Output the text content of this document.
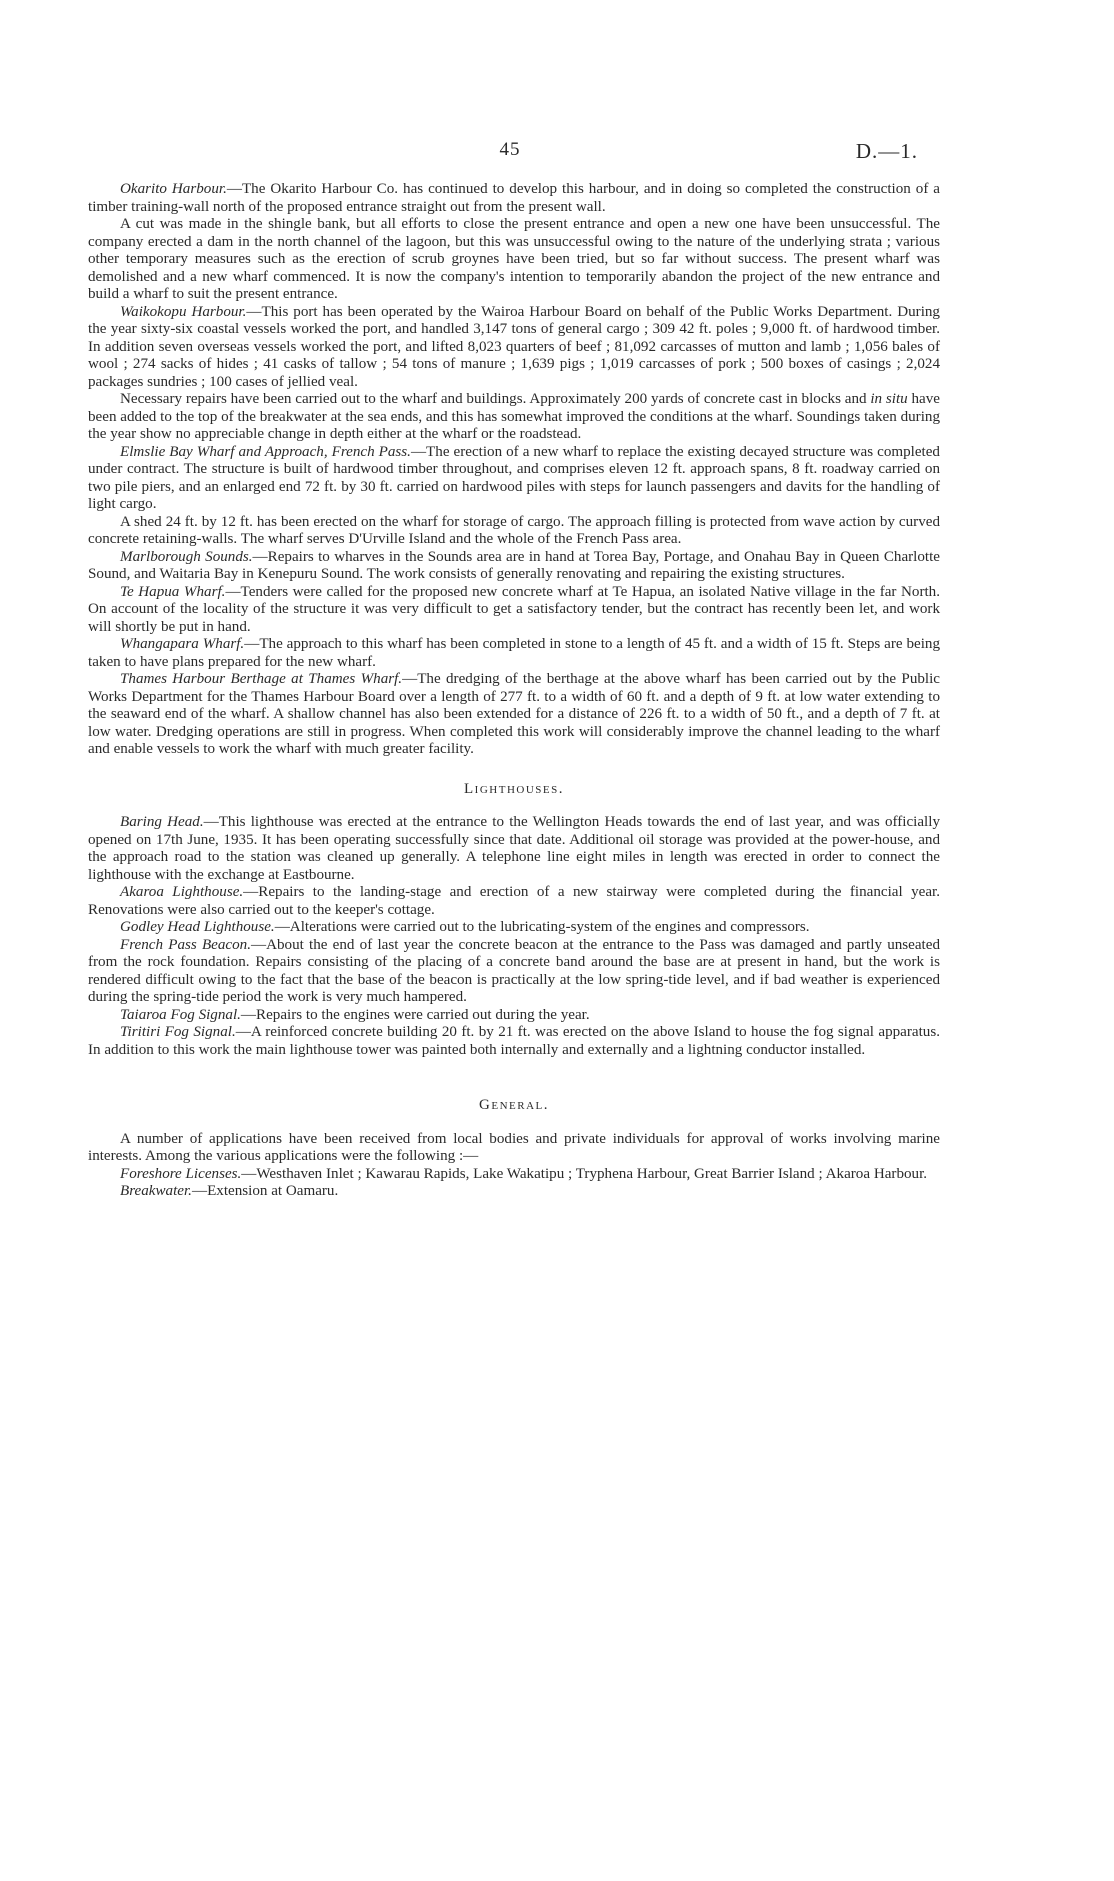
45	D.—1.

Okarito Harbour.—The Okarito Harbour Co. has continued to develop this harbour, and in doing so completed the construction of a timber training-wall north of the proposed entrance straight out from the present wall.

A cut was made in the shingle bank, but all efforts to close the present entrance and open a new one have been unsuccessful. The company erected a dam in the north channel of the lagoon, but this was unsuccessful owing to the nature of the underlying strata ; various other temporary measures such as the erection of scrub groynes have been tried, but so far without success. The present wharf was demolished and a new wharf commenced. It is now the company's intention to temporarily abandon the project of the new entrance and build a wharf to suit the present entrance.

Waikokopu Harbour.—This port has been operated by the Wairoa Harbour Board on behalf of the Public Works Department. During the year sixty-six coastal vessels worked the port, and handled 3,147 tons of general cargo ; 309 42 ft. poles ; 9,000 ft. of hardwood timber. In addition seven overseas vessels worked the port, and lifted 8,023 quarters of beef ; 81,092 carcasses of mutton and lamb ; 1,056 bales of wool ; 274 sacks of hides ; 41 casks of tallow ; 54 tons of manure ; 1,639 pigs ; 1,019 carcasses of pork ; 500 boxes of casings ; 2,024 packages sundries ; 100 cases of jellied veal.

Necessary repairs have been carried out to the wharf and buildings. Approximately 200 yards of concrete cast in blocks and in situ have been added to the top of the breakwater at the sea ends, and this has somewhat improved the conditions at the wharf. Soundings taken during the year show no appreciable change in depth either at the wharf or the roadstead.

Elmslie Bay Wharf and Approach, French Pass.—The erection of a new wharf to replace the existing decayed structure was completed under contract. The structure is built of hardwood timber throughout, and comprises eleven 12 ft. approach spans, 8 ft. roadway carried on two pile piers, and an enlarged end 72 ft. by 30 ft. carried on hardwood piles with steps for launch passengers and davits for the handling of light cargo.

A shed 24 ft. by 12 ft. has been erected on the wharf for storage of cargo. The approach filling is protected from wave action by curved concrete retaining-walls. The wharf serves D'Urville Island and the whole of the French Pass area.

Marlborough Sounds.—Repairs to wharves in the Sounds area are in hand at Torea Bay, Portage, and Onahau Bay in Queen Charlotte Sound, and Waitaria Bay in Kenepuru Sound. The work consists of generally renovating and repairing the existing structures.

Te Hapua Wharf.—Tenders were called for the proposed new concrete wharf at Te Hapua, an isolated Native village in the far North. On account of the locality of the structure it was very difficult to get a satisfactory tender, but the contract has recently been let, and work will shortly be put in hand.

Whangapara Wharf.—The approach to this wharf has been completed in stone to a length of 45 ft. and a width of 15 ft. Steps are being taken to have plans prepared for the new wharf.

Thames Harbour Berthage at Thames Wharf.—The dredging of the berthage at the above wharf has been carried out by the Public Works Department for the Thames Harbour Board over a length of 277 ft. to a width of 60 ft. and a depth of 9 ft. at low water extending to the seaward end of the wharf. A shallow channel has also been extended for a distance of 226 ft. to a width of 50 ft., and a depth of 7 ft. at low water. Dredging operations are still in progress. When completed this work will considerably improve the channel leading to the wharf and enable vessels to work the wharf with much greater facility.

Lighthouses.

Baring Head.—This lighthouse was erected at the entrance to the Wellington Heads towards the end of last year, and was officially opened on 17th June, 1935. It has been operating successfully since that date. Additional oil storage was provided at the power-house, and the approach road to the station was cleaned up generally. A telephone line eight miles in length was erected in order to connect the lighthouse with the exchange at Eastbourne.

Akaroa Lighthouse.—Repairs to the landing-stage and erection of a new stairway were completed during the financial year. Renovations were also carried out to the keeper's cottage.

Godley Head Lighthouse.—Alterations were carried out to the lubricating-system of the engines and compressors.

French Pass Beacon.—About the end of last year the concrete beacon at the entrance to the Pass was damaged and partly unseated from the rock foundation. Repairs consisting of the placing of a concrete band around the base are at present in hand, but the work is rendered difficult owing to the fact that the base of the beacon is practically at the low spring-tide level, and if bad weather is experienced during the spring-tide period the work is very much hampered.

Taiaroa Fog Signal.—Repairs to the engines were carried out during the year.

Tiritiri Fog Signal.—A reinforced concrete building 20 ft. by 21 ft. was erected on the above Island to house the fog signal apparatus. In addition to this work the main lighthouse tower was painted both internally and externally and a lightning conductor installed.

General.

A number of applications have been received from local bodies and private individuals for approval of works involving marine interests. Among the various applications were the following :—

Foreshore Licenses.—Westhaven Inlet ; Kawarau Rapids, Lake Wakatipu ; Tryphena Harbour, Great Barrier Island ; Akaroa Harbour.

Breakwater.—Extension at Oamaru.
